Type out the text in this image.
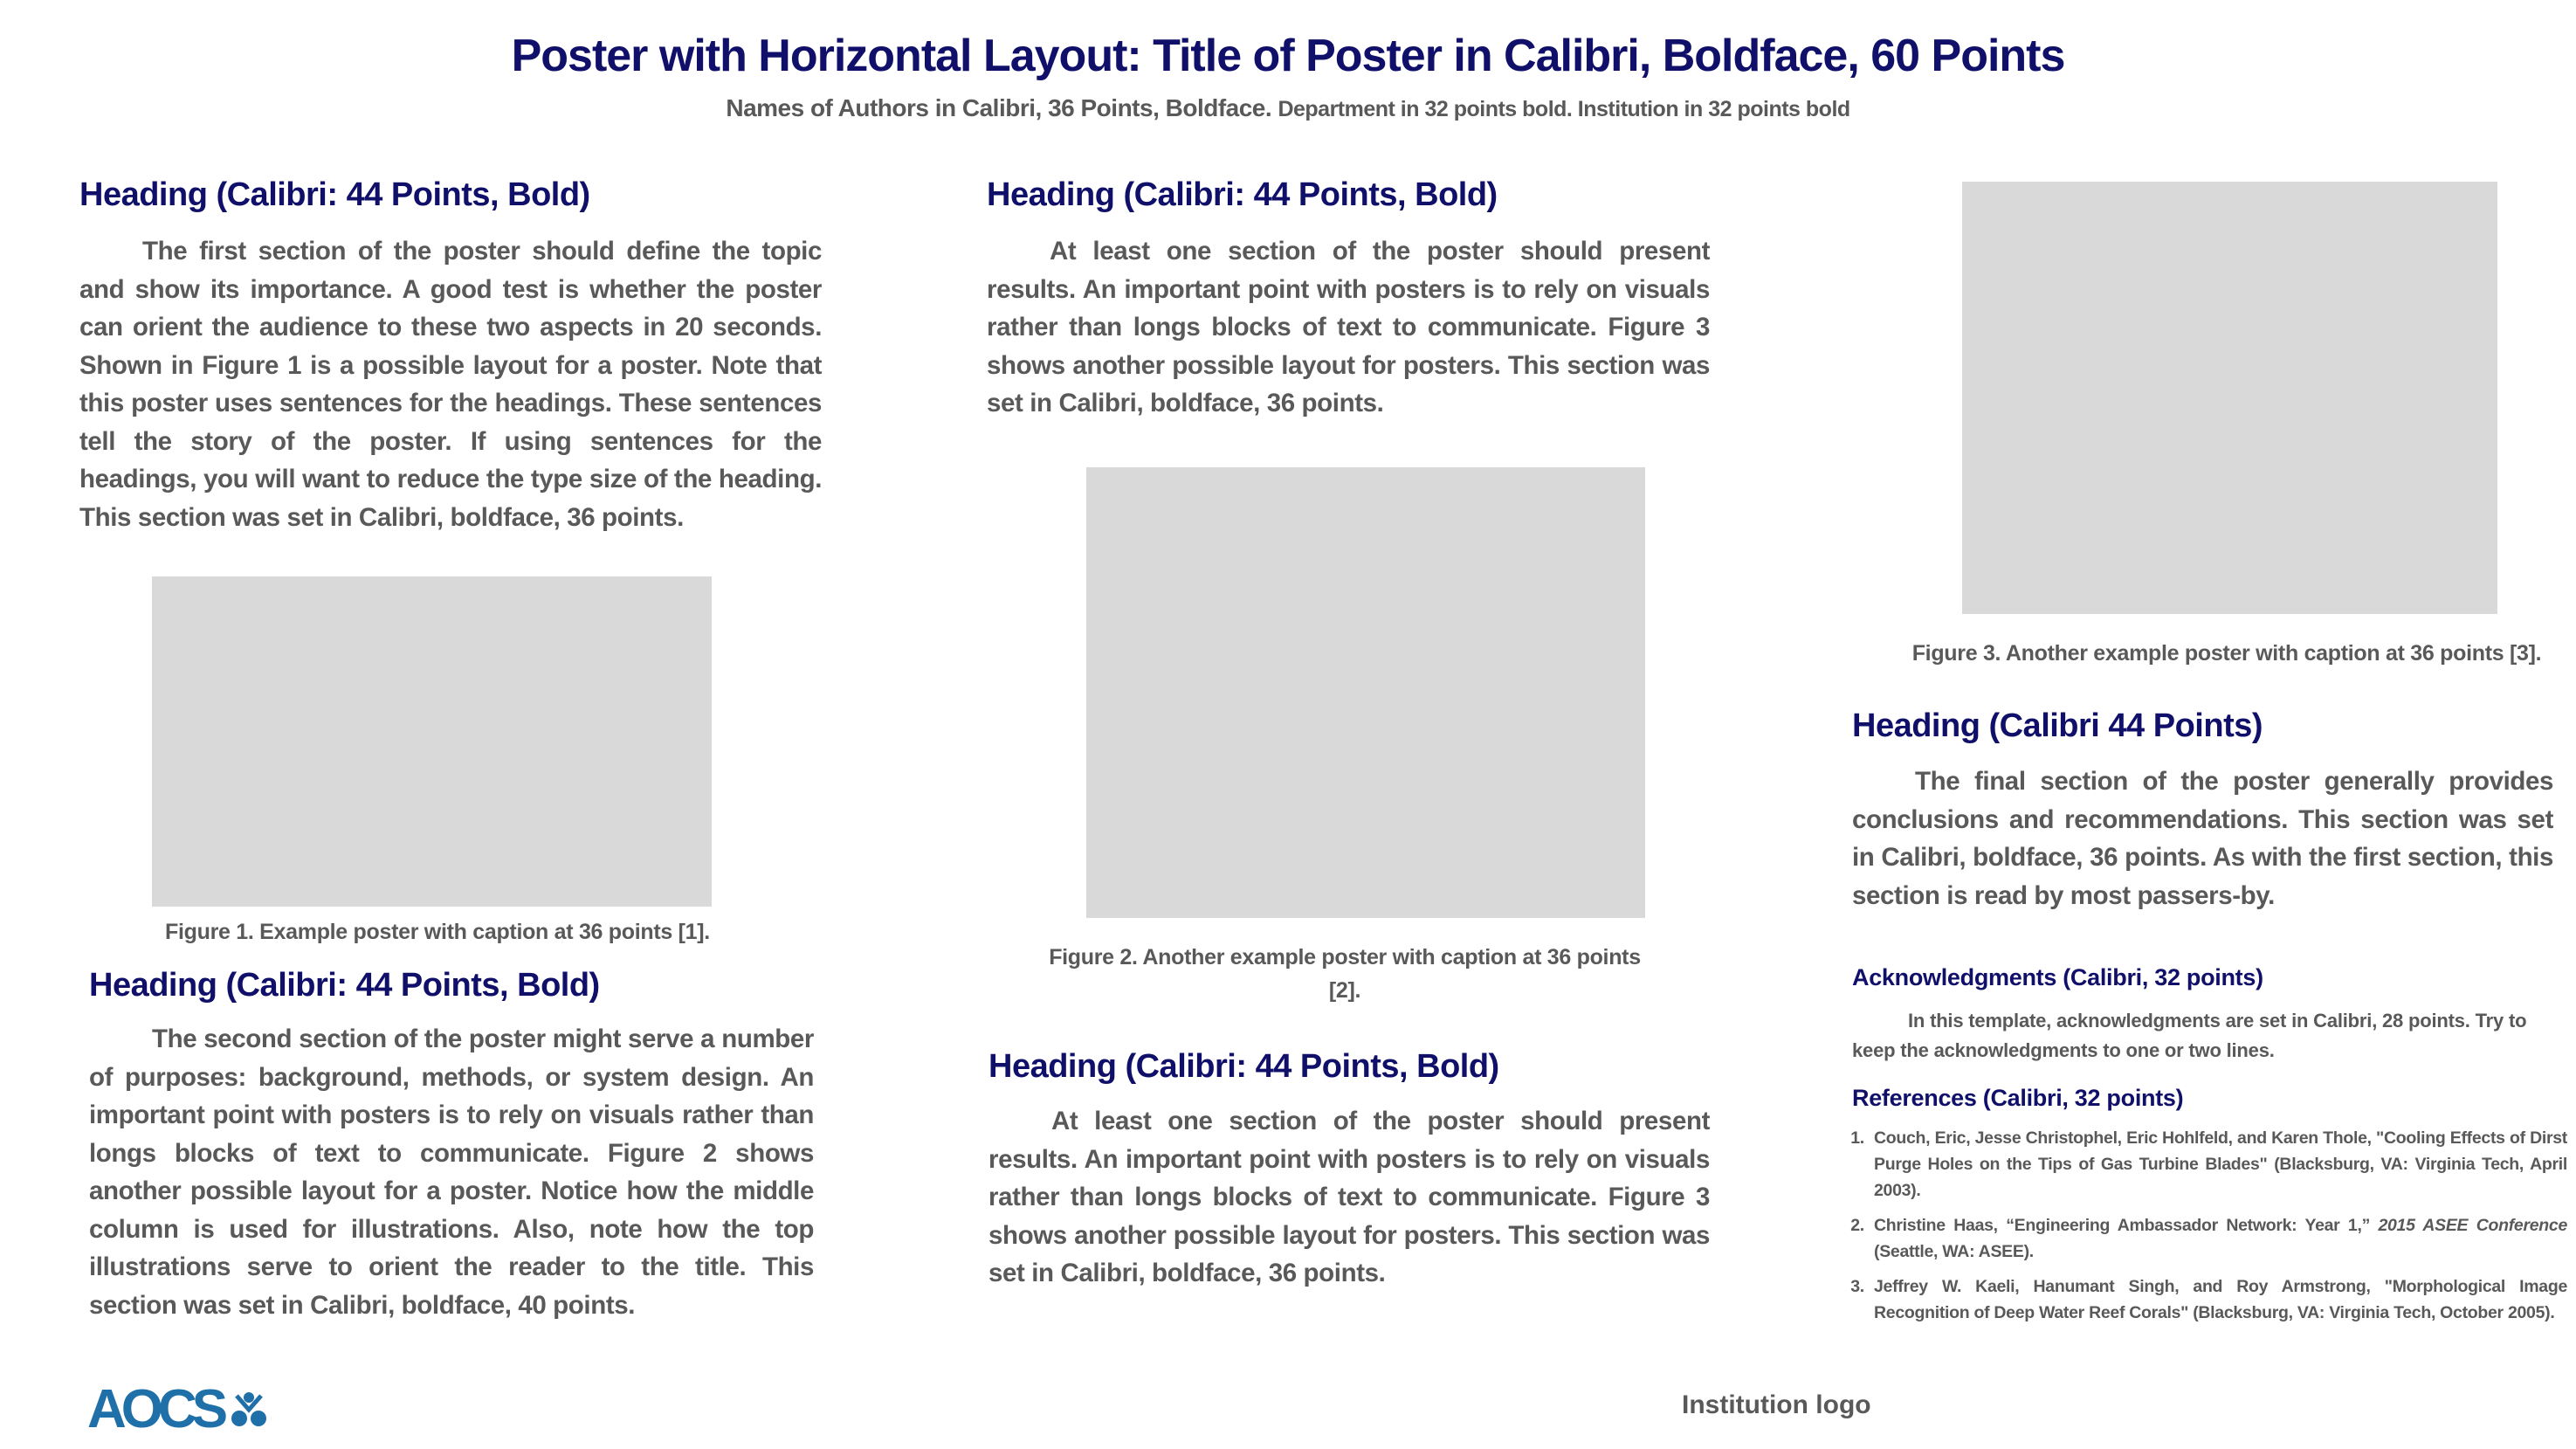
Poster with Horizontal Layout: Title of Poster in Calibri, Boldface, 60 Points
Names of Authors in Calibri, 36 Points, Boldface. Department in 32 points bold. Institution in 32 points bold
Heading (Calibri: 44 Points, Bold)
The first section of the poster should define the topic and show its importance. A good test is whether the poster can orient the audience to these two aspects in 20 seconds. Shown in Figure 1 is a possible layout for a poster. Note that this poster uses sentences for the headings. These sentences tell the story of the poster. If using sentences for the headings, you will want to reduce the type size of the heading. This section was set in Calibri, boldface, 36 points.
Figure 1. Example poster with caption at 36 points [1].
Heading (Calibri: 44 Points, Bold)
The second section of the poster might serve a number of purposes: background, methods, or system design. An important point with posters is to rely on visuals rather than longs blocks of text to communicate. Figure 2 shows another possible layout for a poster. Notice how the middle column is used for illustrations. Also, note how the top illustrations serve to orient the reader to the title. This section was set in Calibri, boldface, 40 points.
AOCS
Heading (Calibri: 44 Points, Bold)
At least one section of the poster should present results. An important point with posters is to rely on visuals rather than longs blocks of text to communicate. Figure 3 shows another possible layout for posters. This section was set in Calibri, boldface, 36 points.
Figure 2. Another example poster with caption at 36 points [2].
Heading (Calibri: 44 Points, Bold)
At least one section of the poster should present results. An important point with posters is to rely on visuals rather than longs blocks of text to communicate. Figure 3 shows another possible layout for posters. This section was set in Calibri, boldface, 36 points.
Institution logo
Figure 3. Another example poster with caption at 36 points [3].
Heading (Calibri 44 Points)
The final section of the poster generally provides conclusions and recommendations. This section was set in Calibri, boldface, 36 points. As with the first section, this section is read by most passers-by.
Acknowledgments (Calibri, 32 points)
In this template, acknowledgments are set in Calibri, 28 points. Try to keep the acknowledgments to one or two lines.
References (Calibri, 32 points)
1. Couch, Eric, Jesse Christophel, Eric Hohlfeld, and Karen Thole, "Cooling Effects of Dirst Purge Holes on the Tips of Gas Turbine Blades" (Blacksburg, VA: Virginia Tech, April 2003).
2. Christine Haas, “Engineering Ambassador Network: Year 1,” 2015 ASEE Conference (Seattle, WA: ASEE).
3. Jeffrey W. Kaeli, Hanumant Singh, and Roy Armstrong, "Morphological Image Recognition of Deep Water Reef Corals" (Blacksburg, VA: Virginia Tech, October 2005).
